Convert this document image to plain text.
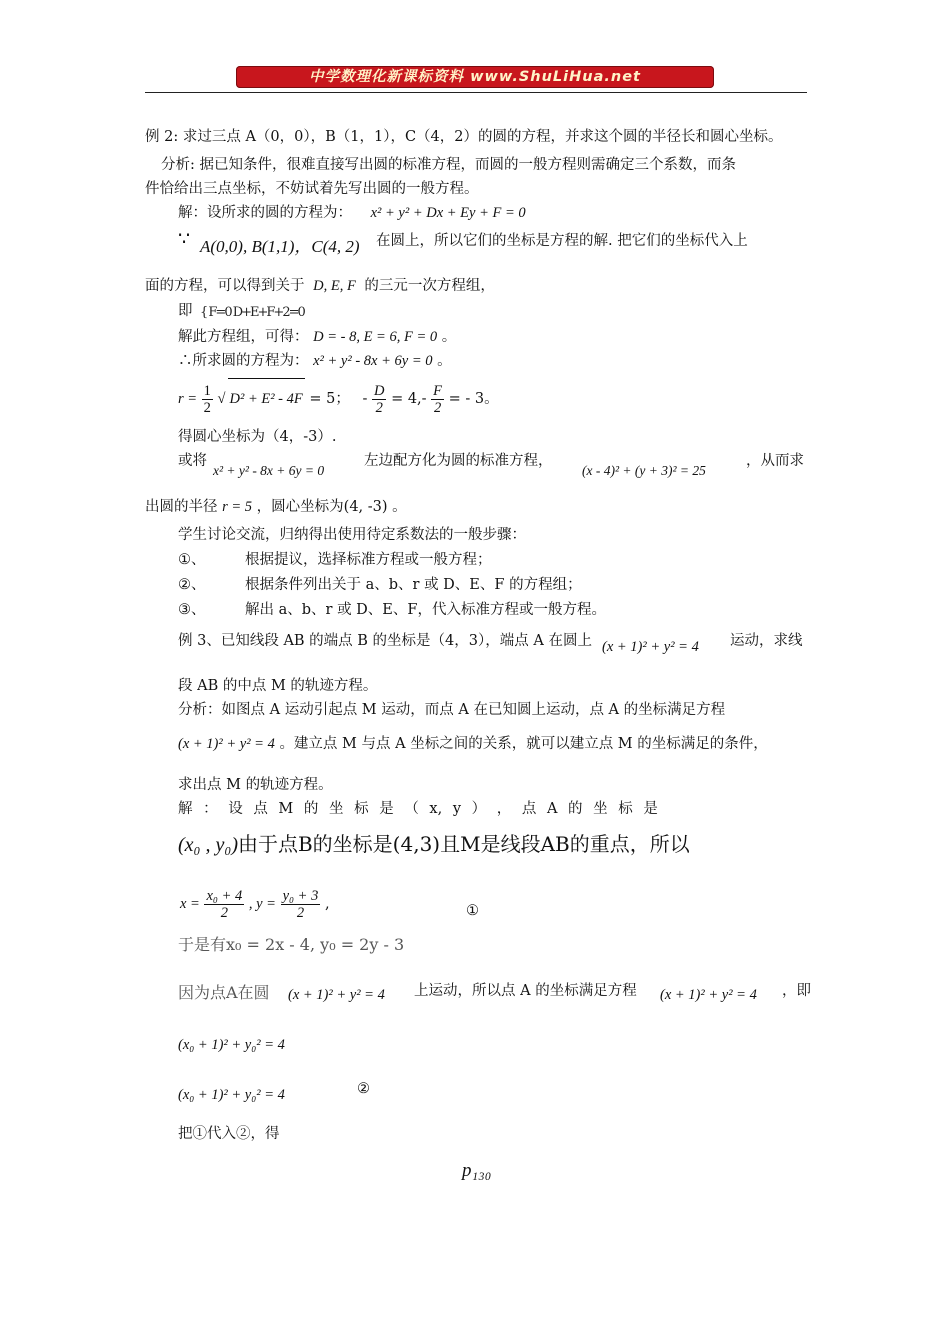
中学数理化新课标资料 www.ShuLiHua.net
例 2: 求过三点 A（0，0），B（1，1），C（4，2）的圆的方程，并求这个圆的半径长和圆心坐标。
分析: 据已知条件，很难直接写出圆的标准方程，而圆的一般方程则需确定三个系数，而条
件恰给出三点坐标，不妨试着先写出圆的一般方程。
解：设所求的圆的方程为： x² + y² + Dx + Ey + F = 0
∵ A(0,0), B(1,1)，C(4, 2) 在圆上，所以它们的坐标是方程的解. 把它们的坐标代入上
面的方程，可以得到关于 D, E, F 的三元一次方程组，
即 { F=0 D+E+F+2=0
解此方程组，可得： D = - 8, E = 6, F = 0 。
∴所求圆的方程为： x² + y² - 8x + 6y = 0 。
$r = \frac{1}{2}$ √ D² + E² - 4F = 5； - $\frac{D}{2} = 4,- \frac{F}{2}$ = - 3。
得圆心坐标为（4，-3）.
或将
x² + y² - 8x + 6y = 0
左边配方化为圆的标准方程，
(x - 4)² + (y + 3)² = 25
，从而求
出圆的半径 r = 5 ，圆心坐标为(4, -3) 。
学生讨论交流，归纳得出使用待定系数法的一般步骤：
①、	根据提议，选择标准方程或一般方程；
②、	根据条件列出关于 a、b、r 或 D、E、F 的方程组；
③、	解出 a、b、r 或 D、E、F，代入标准方程或一般方程。
例 3、已知线段 AB 的端点 B 的坐标是（4，3），端点 A 在圆上 (x + 1)² + y² = 4 运动，求线
段 AB 的中点 M 的轨迹方程。
分析：如图点 A 运动引起点 M 运动，而点 A 在已知圆上运动，点 A 的坐标满足方程
(x + 1)² + y² = 4 。建立点 M 与点 A 坐标之间的关系，就可以建立点 M 的坐标满足的条件，
求出点 M 的轨迹方程。
解 ： 设 点 M 的 坐 标 是 （ x, y ） ， 点 A 的 坐 标 是
(x₀ , y₀)由于点B的坐标是(4,3)且M是线段AB的重点，所以
$x = \frac{\text{x₀ + 4}}{2}$ , $y = \frac{\text{y₀ + 3}}{2}$ ,	①
于是有x₀ = 2x - 4, y₀ = 2y - 3
因为点A在圆 (x + 1)² + y² = 4 上运动，所以点 A 的坐标满足方程 (x + 1)² + y² = 4 ，即
(x₀ + 1)² + y₀² = 4
(x₀ + 1)² + y₀² = 4	②
把①代入②，得
p₁₃₀
